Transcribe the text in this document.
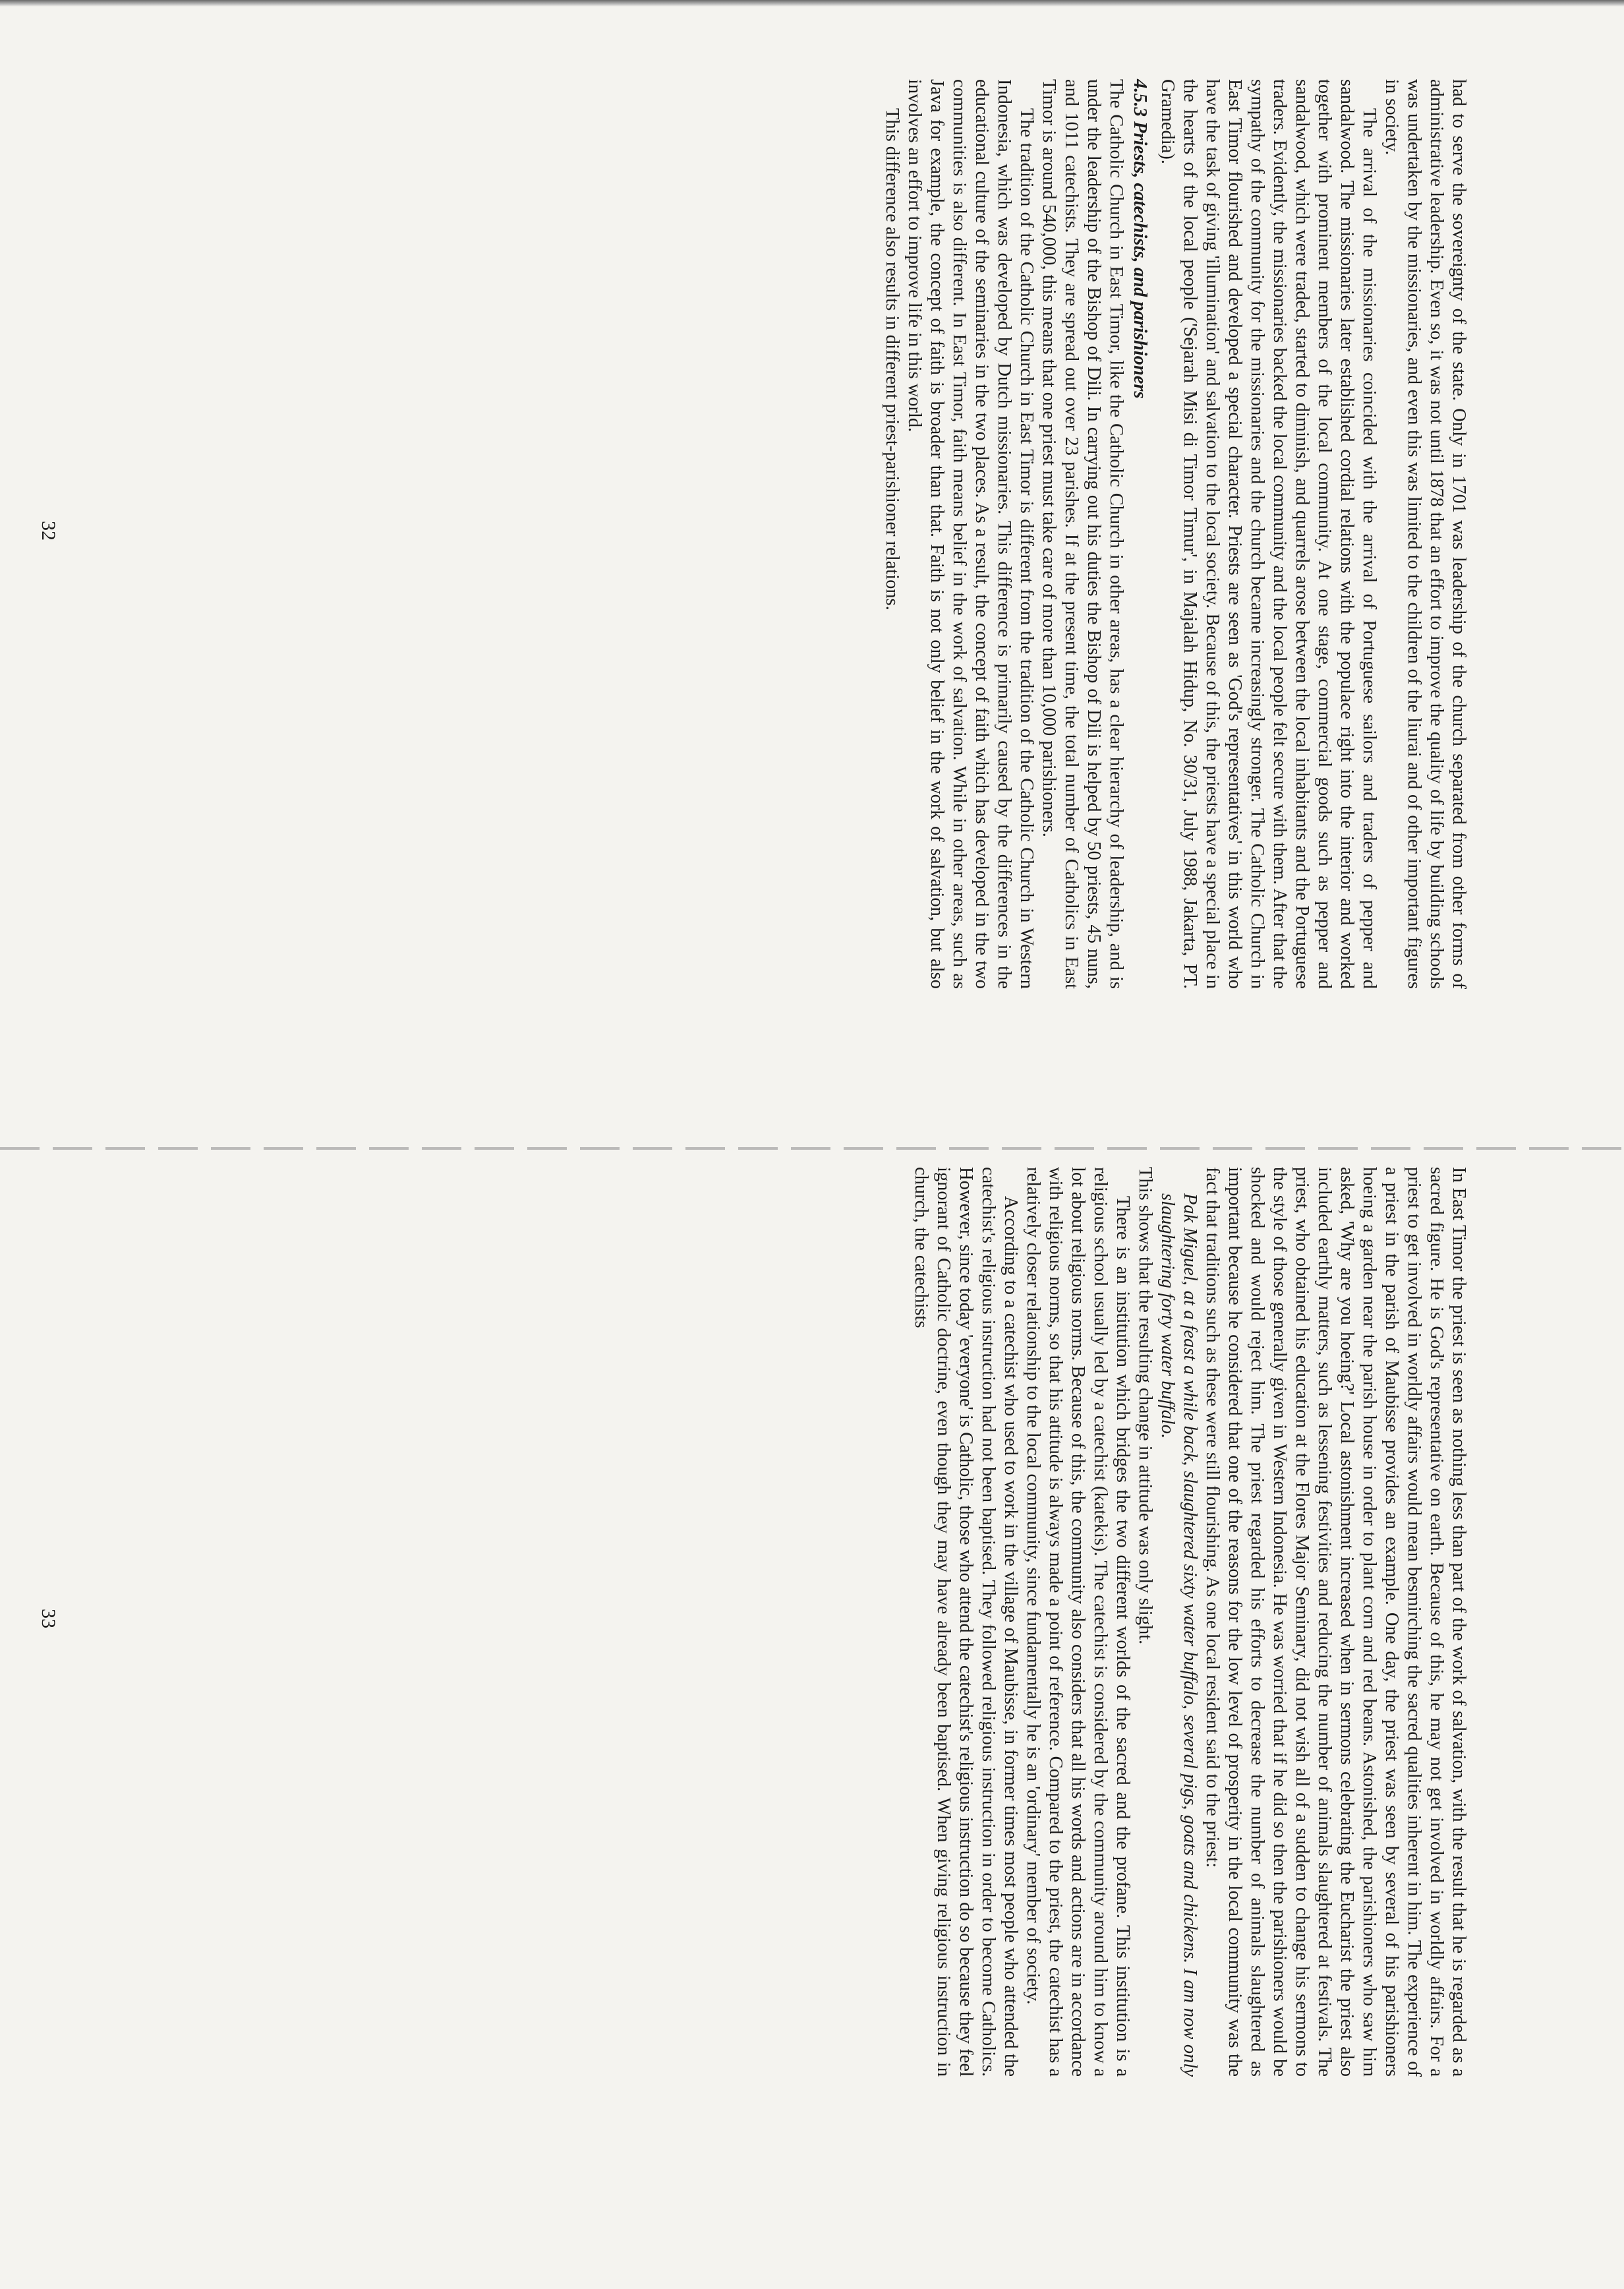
had to serve the sovereignty of the state. Only in 1701 was leadership of the church separated from other forms of administrative leadership. Even so, it was not until 1878 that an effort to improve the quality of life by building schools was undertaken by the missionaries, and even this was limited to the children of the liurai and of other important figures in society.

The arrival of the missionaries coincided with the arrival of Portuguese sailors and traders of pepper and sandalwood. The missionaries later established cordial relations with the populace right into the interior and worked together with prominent members of the local community. At one stage, commercial goods such as pepper and sandalwood, which were traded, started to diminish, and quarrels arose between the local inhabitants and the Portuguese traders. Evidently, the missionaries backed the local community and the local people felt secure with them. After that the sympathy of the community for the missionaries and the church became increasingly stronger. The Catholic Church in East Timor flourished and developed a special character. Priests are seen as 'God's representatives' in this world who have the task of giving 'illumination' and salvation to the local society. Because of this, the priests have a special place in the hearts of the local people ('Sejarah Misi di Timor Timur', in Majalah Hidup, No. 30/31, July 1988, Jakarta, PT. Gramedia).

4.5.3 Priests, catechists, and parishioners

The Catholic Church in East Timor, like the Catholic Church in other areas, has a clear hierarchy of leadership, and is under the leadership of the Bishop of Dili. In carrying out his duties the Bishop of Dili is helped by 50 priests, 45 nuns, and 1011 catechists. They are spread out over 23 parishes. If at the present time, the total number of Catholics in East Timor is around 540,000, this means that one priest must take care of more than 10,000 parishioners.

The tradition of the Catholic Church in East Timor is different from the tradition of the Catholic Church in Western Indonesia, which was developed by Dutch missionaries. This difference is primarily caused by the differences in the educational culture of the seminaries in the two places. As a result, the concept of faith which has developed in the two communities is also different. In East Timor, faith means belief in the work of salvation. While in other areas, such as Java for example, the concept of faith is broader than that. Faith is not only belief in the work of salvation, but also involves an effort to improve life in this world.

This difference also results in different priest-parishioner relations.

32

In East Timor the priest is seen as nothing less than part of the work of salvation, with the result that he is regarded as a sacred figure. He is God's representative on earth. Because of this, he may not get involved in worldly affairs. For a priest to get involved in worldly affairs would mean besmirching the sacred qualities inherent in him. The experience of a priest in the parish of Maubisse provides an example. One day, the priest was seen by several of his parishioners hoeing a garden near the parish house in order to plant corn and red beans. Astonished, the parishioners who saw him asked, 'Why are you hoeing?' Local astonishment increased when in sermons celebrating the Eucharist the priest also included earthly matters, such as lessening festivities and reducing the number of animals slaughtered at festivals. The priest, who obtained his education at the Flores Major Seminary, did not wish all of a sudden to change his sermons to the style of those generally given in Western Indonesia. He was worried that if he did so then the parishioners would be shocked and would reject him. The priest regarded his efforts to decrease the number of animals slaughtered as important because he considered that one of the reasons for the low level of prosperity in the local community was the fact that traditions such as these were still flourishing. As one local resident said to the priest:

Pak Miguel, at a feast a while back, slaughtered sixty water buffalo, several pigs, goats and chickens. I am now only slaughtering forty water buffalo.

This shows that the resulting change in attitude was only slight.

There is an institution which bridges the two different worlds of the sacred and the profane. This institution is a religious school usually led by a catechist (katekis). The catechist is considered by the community around him to know a lot about religious norms. Because of this, the community also considers that all his words and actions are in accordance with religious norms, so that his attitude is always made a point of reference. Compared to the priest, the catechist has a relatively closer relationship to the local community, since fundamentally he is an 'ordinary' member of society.

According to a catechist who used to work in the village of Maubisse, in former times most people who attended the catechist's religious instruction had not been baptised. They followed religious instruction in order to become Catholics. However, since today 'everyone' is Catholic, those who attend the catechist's religious instruction do so because they feel ignorant of Catholic doctrine, even though they may have already been baptised. When giving religious instruction in church, the catechists

33
